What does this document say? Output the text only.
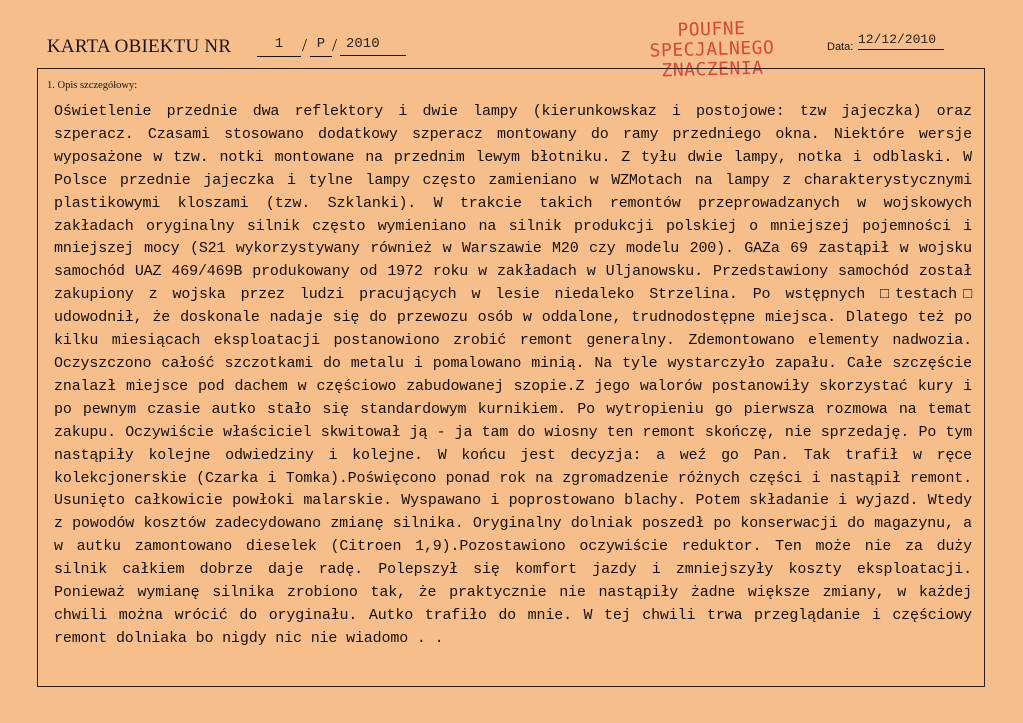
KARTA OBIEKTU NR	1	/ P / 2010
POUFNE
SPECJALNEGO
ZNACZENIA
Data: 12/12/2010
1. Opis szczegółowy:
Oświetlenie przednie dwa reflektory i dwie lampy (kierunkowskaz i postojowe: tzw jajeczka) oraz szperacz. Czasami stosowano dodatkowy szperacz montowany do ramy przedniego okna. Niektóre wersje wyposażone w tzw. notki montowane na przednim lewym błotniku. Z tyłu dwie lampy, notka i odblaski. W Polsce przednie jajeczka i tylne lampy często zamieniano w WZMotach na lampy z charakterystycznymi plastikowymi kloszami (tzw. Szklanki). W trakcie takich remontów przeprowadzanych w wojskowych zakładach oryginalny silnik często wymieniano na silnik produkcji polskiej o mniejszej pojemności i mniejszej mocy (S21 wykorzystywany również w Warszawie M20 czy modelu 200). GAZa 69 zastąpił w wojsku samochód UAZ 469/469B produkowany od 1972 roku w zakładach w Uljanowsku. Przedstawiony samochód został zakupiony z wojska przez ludzi pracujących w lesie niedaleko Strzelina. Po wstępnych □testach□ udowodnił, że doskonale nadaje się do przewozu osób w oddalone, trudnodostępne miejsca. Dlatego też po kilku miesiącach eksploatacji postanowiono zrobić remont generalny. Zdemontowano elementy nadwozia. Oczyszczono całość szczotkami do metalu i pomalowano minią. Na tyle wystarczyło zapału. Całe szczęście znalazł miejsce pod dachem w częściowo zabudowanej szopie.Z jego walorów postanowiły skorzystać kury i po pewnym czasie autko stało się standardowym kurnikiem. Po wytropieniu go pierwsza rozmowa na temat zakupu. Oczywiście właściciel skwitował ją - ja tam do wiosny ten remont skończę, nie sprzedaję. Po tym nastąpiły kolejne odwiedziny i kolejne. W końcu jest decyzja: a weź go Pan. Tak trafił w ręce kolekcjonerskie (Czarka i Tomka).Poświęcono ponad rok na zgromadzenie różnych części i nastąpił remont. Usunięto całkowicie powłoki malarskie. Wyspawano i poprostowano blachy. Potem składanie i wyjazd. Wtedy z powodów kosztów zadecydowano zmianę silnika. Oryginalny dolniak poszedł po konserwacji do magazynu, a w autku zamontowano dieselek (Citroen 1,9).Pozostawiono oczywiście reduktor. Ten może nie za duży silnik całkiem dobrze daje radę. Polepszył się komfort jazdy i zmniejszyły koszty eksploatacji. Ponieważ wymianę silnika zrobiono tak, że praktycznie nie nastąpiły żadne większe zmiany, w każdej chwili można wrócić do oryginału. Autko trafiło do mnie. W tej chwili trwa przeglądanie i częściowy remont dolniaka bo nigdy nic nie wiadomo . .
